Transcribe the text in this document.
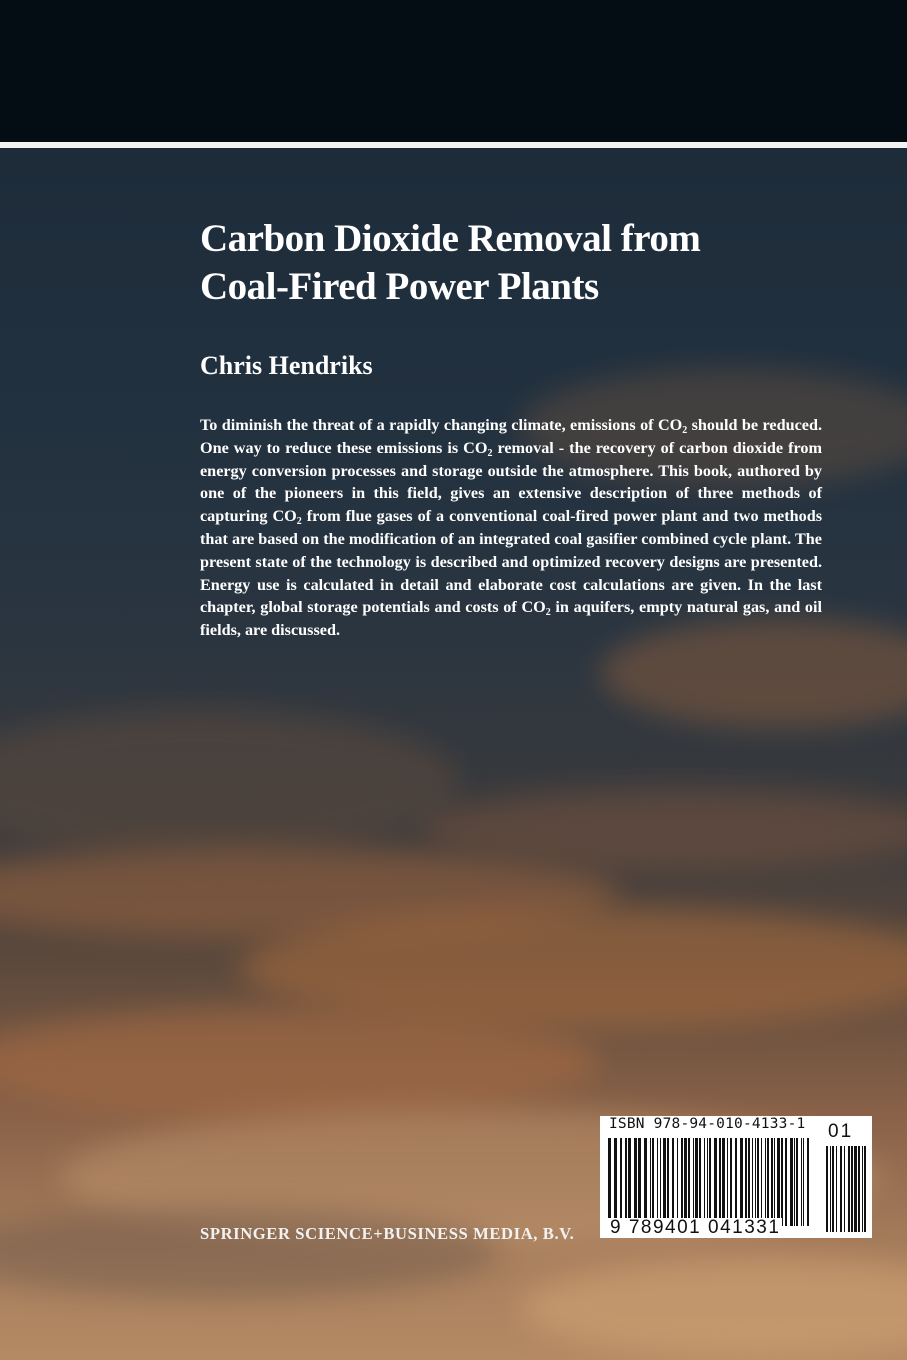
Carbon Dioxide Removal from
Coal-Fired Power Plants
Chris Hendriks

To diminish the threat of a rapidly changing climate, emissions of $CO_2$ should be reduced. One way to reduce these emissions is $CO_2$ removal - the recovery of carbon dioxide from energy conversion processes and storage outside the atmosphere. This book, authored by one of the pioneers in this field, gives an extensive description of three methods of capturing $CO_2$ from flue gases of a conventional coal-fired power plant and two methods that are based on the modification of an integrated coal gasifier combined cycle plant. The present state of the technology is described and optimized recovery designs are presented. Energy use is calculated in detail and elaborate cost calculations are given. In the last chapter, global storage potentials and costs of $CO_2$ in aquifers, empty natural gas, and oil fields, are discussed.

SPRINGER SCIENCE+BUSINESS MEDIA, B.V.

ISBN 978-94-010-4133-1
9 789401 041331
01
